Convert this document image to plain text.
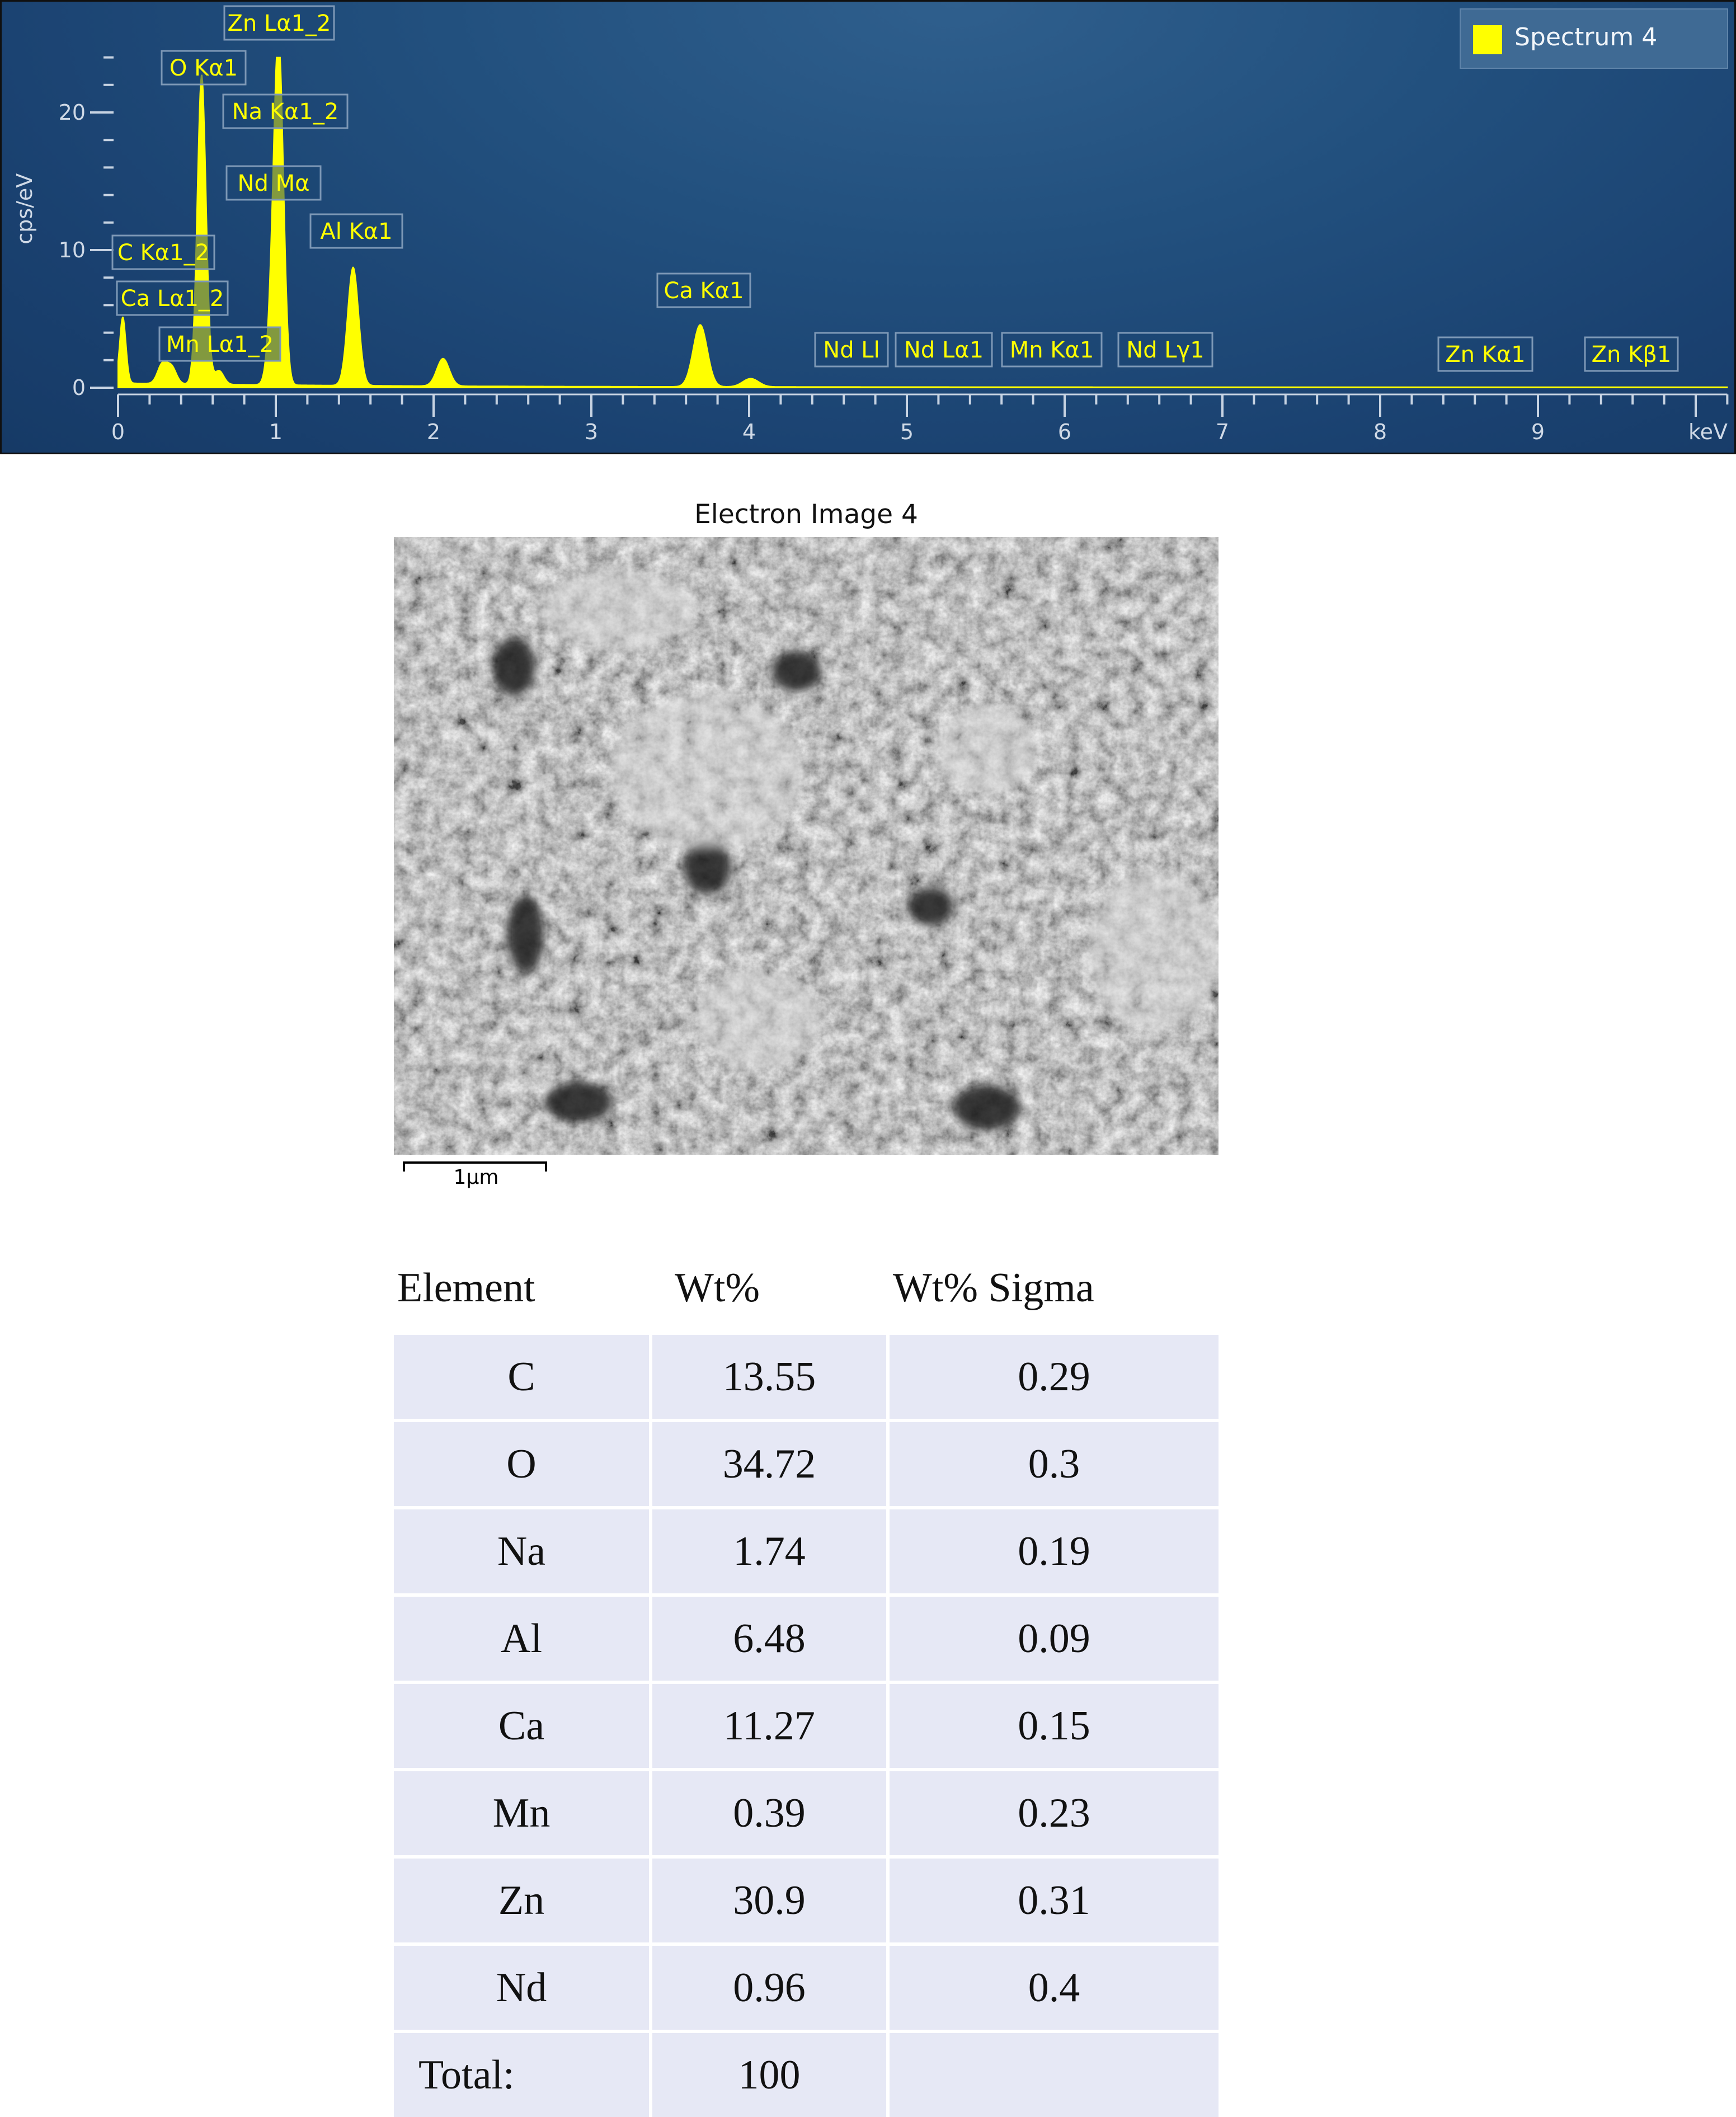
0	1	2	3	4	5	6	7	8	9	keV
0
10
20
cps/eV
Zn Lα1_2
O Kα1
Na Kα1_2
Nd Mα
Al Kα1
C Kα1_2
Ca Lα1_2
Mn Lα1_2
Ca Kα1
Nd Ll Nd Lα1 Mn Kα1 Nd Lγ1	Zn Kα1	Zn Kβ1
Spectrum 4
Electron Image 4
1µm
Element	Wt%	Wt% Sigma
C	13.55	0.29
O	34.72	0.3
Na	1.74	0.19
Al	6.48	0.09
Ca	11.27	0.15
Mn	0.39	0.23
Zn	30.9	0.31
Nd	0.96	0.4
Total:	100	
